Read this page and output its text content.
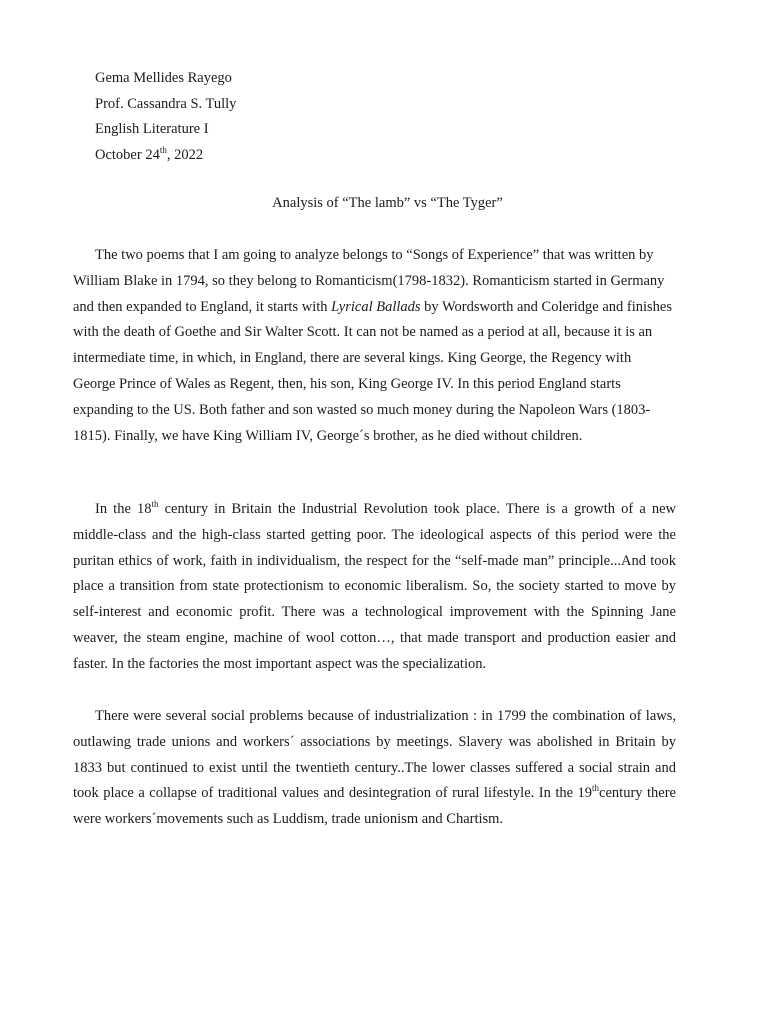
Gema Mellides Rayego
Prof. Cassandra S. Tully
English Literature I
October 24th, 2022
Analysis of “The lamb” vs “The Tyger”

The two poems that I am going to analyze belongs to “Songs of Experience” that was written by William Blake in 1794, so they belong to Romanticism(1798-1832). Romanticism started in Germany and then expanded to England, it starts with Lyrical Ballads by Wordsworth and Coleridge and finishes with the death of Goethe and Sir Walter Scott. It can not be named as a period at all, because it is an intermediate time, in which, in England, there are several kings. King George, the Regency with George Prince of Wales as Regent, then, his son, King George IV. In this period England starts expanding to the US. Both father and son wasted so much money during the Napoleon Wars (1803-1815). Finally, we have King William IV, George´s brother, as he died without children.

In the 18th century in Britain the Industrial Revolution took place. There is a growth of a new middle-class and the high-class started getting poor. The ideological aspects of this period were the puritan ethics of work, faith in individualism, the respect for the “self-made man” principle...And took place a transition from state protectionism to economic liberalism. So, the society started to move by self-interest and economic profit. There was a technological improvement with the Spinning Jane weaver, the steam engine, machine of wool cotton…, that made transport and production easier and faster. In the factories the most important aspect was the specialization.

There were several social problems because of industrialization : in 1799 the combination of laws, outlawing trade unions and workers´ associations by meetings. Slavery was abolished in Britain by 1833 but continued to exist until the twentieth century..The lower classes suffered a social strain and took place a collapse of traditional values and desintegration of rural lifestyle. In the 19thcentury there were workers´movements such as Luddism, trade unionism and Chartism.
